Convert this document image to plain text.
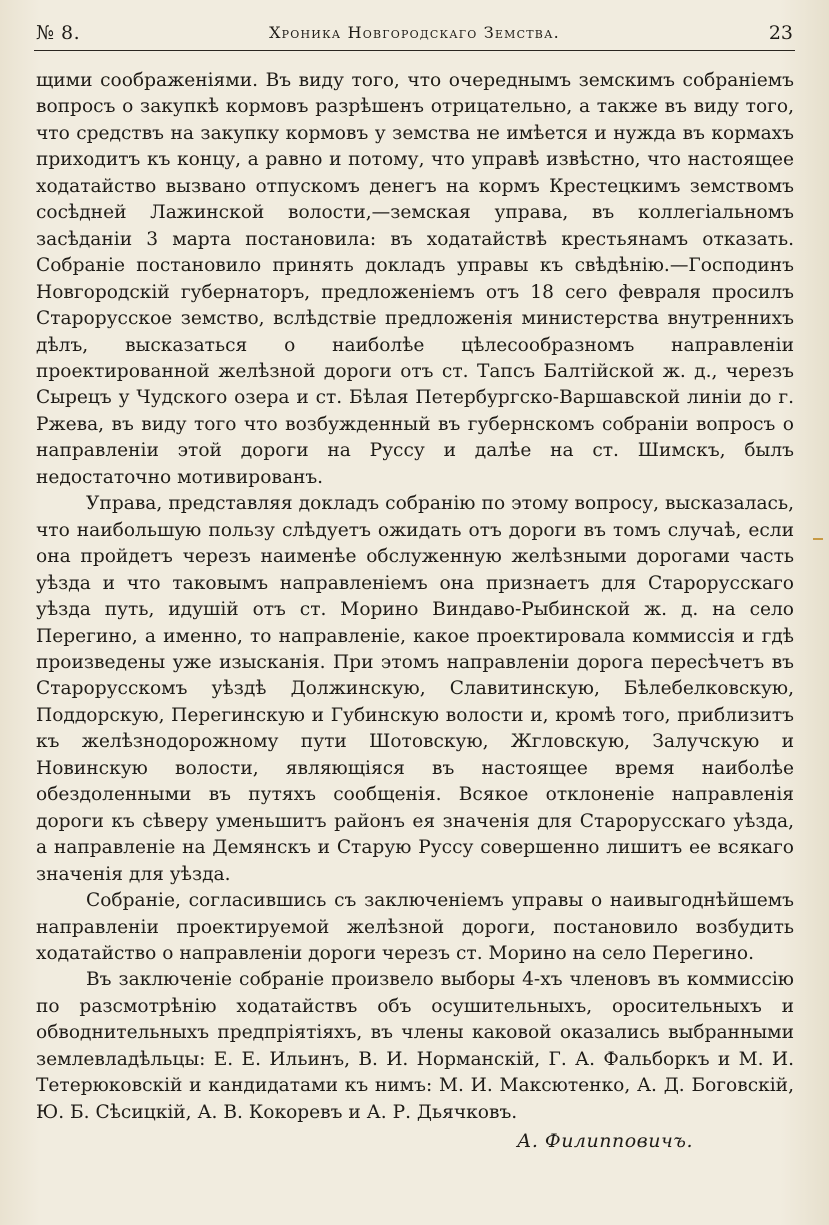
№ 8.	Хроника Новгородскаго Земства.	23

щими соображеніями. Въ виду того, что очереднымъ земскимъ собраніемъ вопросъ о закупкѣ кормовъ разрѣшенъ отрицательно, а также въ виду того, что средствъ на закупку кормовъ у земства не имѣется и нужда въ кормахъ приходитъ къ концу, а равно и потому, что управѣ извѣстно, что настоящее ходатайство вызвано отпускомъ денегъ на кормъ Крестецкимъ земствомъ сосѣдней Лажинской волости,—земская управа, въ коллегіальномъ засѣданіи 3 марта постановила: въ ходатайствѣ крестьянамъ отказать. Собраніе постановило принять докладъ управы къ свѣдѣнію.—Господинъ Новгородскій губернаторъ, предложеніемъ отъ 18 сего февраля просилъ Старорусское земство, вслѣдствіе предложенія министерства внутреннихъ дѣлъ, высказаться о наиболѣе цѣлесообразномъ направленіи проектированной желѣзной дороги отъ ст. Тапсъ Балтійской ж. д., черезъ Сырецъ у Чудского озера и ст. Бѣлая Петербургско-Варшавской линіи до г. Ржева, въ виду того что возбужденный въ губернскомъ собраніи вопросъ о направленіи этой дороги на Руссу и далѣе на ст. Шимскъ, былъ недостаточно мотивированъ.

Управа, представляя докладъ собранію по этому вопросу, высказалась, что наибольшую пользу слѣдуетъ ожидать отъ дороги въ томъ случаѣ, если она пройдетъ черезъ наименѣе обслуженную желѣзными дорогами часть уѣзда и что таковымъ направленіемъ она признаетъ для Старорусскаго уѣзда путь, идушій отъ ст. Морино Виндаво-Рыбинской ж. д. на село Перегино, а именно, то направленіе, какое проектировала коммиссія и гдѣ произведены уже изысканія. При этомъ направленіи дорога пересѣчетъ въ Старорусскомъ уѣздѣ Должинскую, Славитинскую, Бѣлебелковскую, Поддорскую, Перегинскую и Губинскую волости и, кромѣ того, приблизитъ къ желѣзнодорожному пути Шотовскую, Жгловскую, Залучскую и Новинскую волости, являющіяся въ настоящее время наиболѣе обездоленными въ путяхъ сообщенія. Всякое отклоненіе направленія дороги къ сѣверу уменьшитъ районъ ея значенія для Старорусскаго уѣзда, а направленіе на Демянскъ и Старую Руссу совершенно лишитъ ее всякаго значенія для уѣзда.

Собраніе, согласившись съ заключеніемъ управы о наивыгоднѣйшемъ направленіи проектируемой желѣзной дороги, постановило возбудить ходатайство о направленіи дороги черезъ ст. Морино на село Перегино.

Въ заключеніе собраніе произвело выборы 4-хъ членовъ въ коммиссію по разсмотрѣнію ходатайствъ объ осушительныхъ, оросительныхъ и обводнительныхъ предпріятіяхъ, въ члены каковой оказались выбранными землевладѣльцы: Е. Е. Ильинъ, В. И. Норманскій, Г. А. Фальборкъ и М. И. Тетерюковскій и кандидатами къ нимъ: М. И. Максютенко, А. Д. Боговскій, Ю. Б. Сѣсицкій, А. В. Кокоревъ и А. Р. Дьячковъ.

А. Филипповичъ.
